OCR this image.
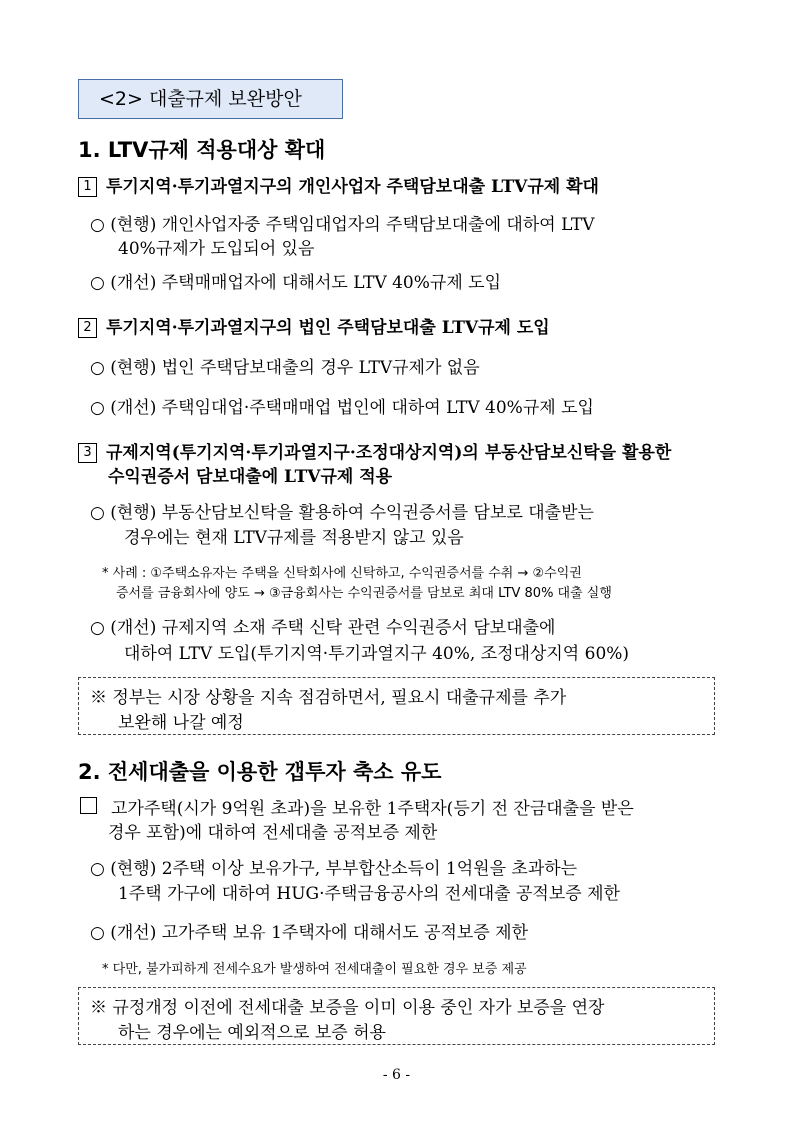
<2> 대출규제 보완방안
1. LTV규제 적용대상 확대
1 투기지역·투기과열지구의 개인사업자 주택담보대출 LTV규제 확대
○ (현행) 개인사업자중 주택임대업자의 주택담보대출에 대하여 LTV
40%규제가 도입되어 있음
○ (개선) 주택매매업자에 대해서도 LTV 40%규제 도입
2 투기지역·투기과열지구의 법인 주택담보대출 LTV규제 도입
○ (현행) 법인 주택담보대출의 경우 LTV규제가 없음
○ (개선) 주택임대업·주택매매업 법인에 대하여 LTV 40%규제 도입
3 규제지역(투기지역·투기과열지구·조정대상지역)의 부동산담보신탁을 활용한
수익권증서 담보대출에 LTV규제 적용
○ (현행) 부동산담보신탁을 활용하여 수익권증서를 담보로 대출받는
경우에는 현재 LTV규제를 적용받지 않고 있음
* 사례 : ①주택소유자는 주택을 신탁회사에 신탁하고, 수익권증서를 수취 → ②수익권
증서를 금융회사에 양도 → ③금융회사는 수익권증서를 담보로 최대 LTV 80% 대출 실행
○ (개선) 규제지역 소재 주택 신탁 관련 수익권증서 담보대출에
대하여 LTV 도입(투기지역·투기과열지구 40%, 조정대상지역 60%)
※ 정부는 시장 상황을 지속 점검하면서, 필요시 대출규제를 추가
보완해 나갈 예정
2. 전세대출을 이용한 갭투자 축소 유도
고가주택(시가 9억원 초과)을 보유한 1주택자(등기 전 잔금대출을 받은
경우 포함)에 대하여 전세대출 공적보증 제한
○ (현행) 2주택 이상 보유가구, 부부합산소득이 1억원을 초과하는
1주택 가구에 대하여 HUG·주택금융공사의 전세대출 공적보증 제한
○ (개선) 고가주택 보유 1주택자에 대해서도 공적보증 제한
* 다만, 불가피하게 전세수요가 발생하여 전세대출이 필요한 경우 보증 제공
※ 규정개정 이전에 전세대출 보증을 이미 이용 중인 자가 보증을 연장
하는 경우에는 예외적으로 보증 허용
- 6 -
